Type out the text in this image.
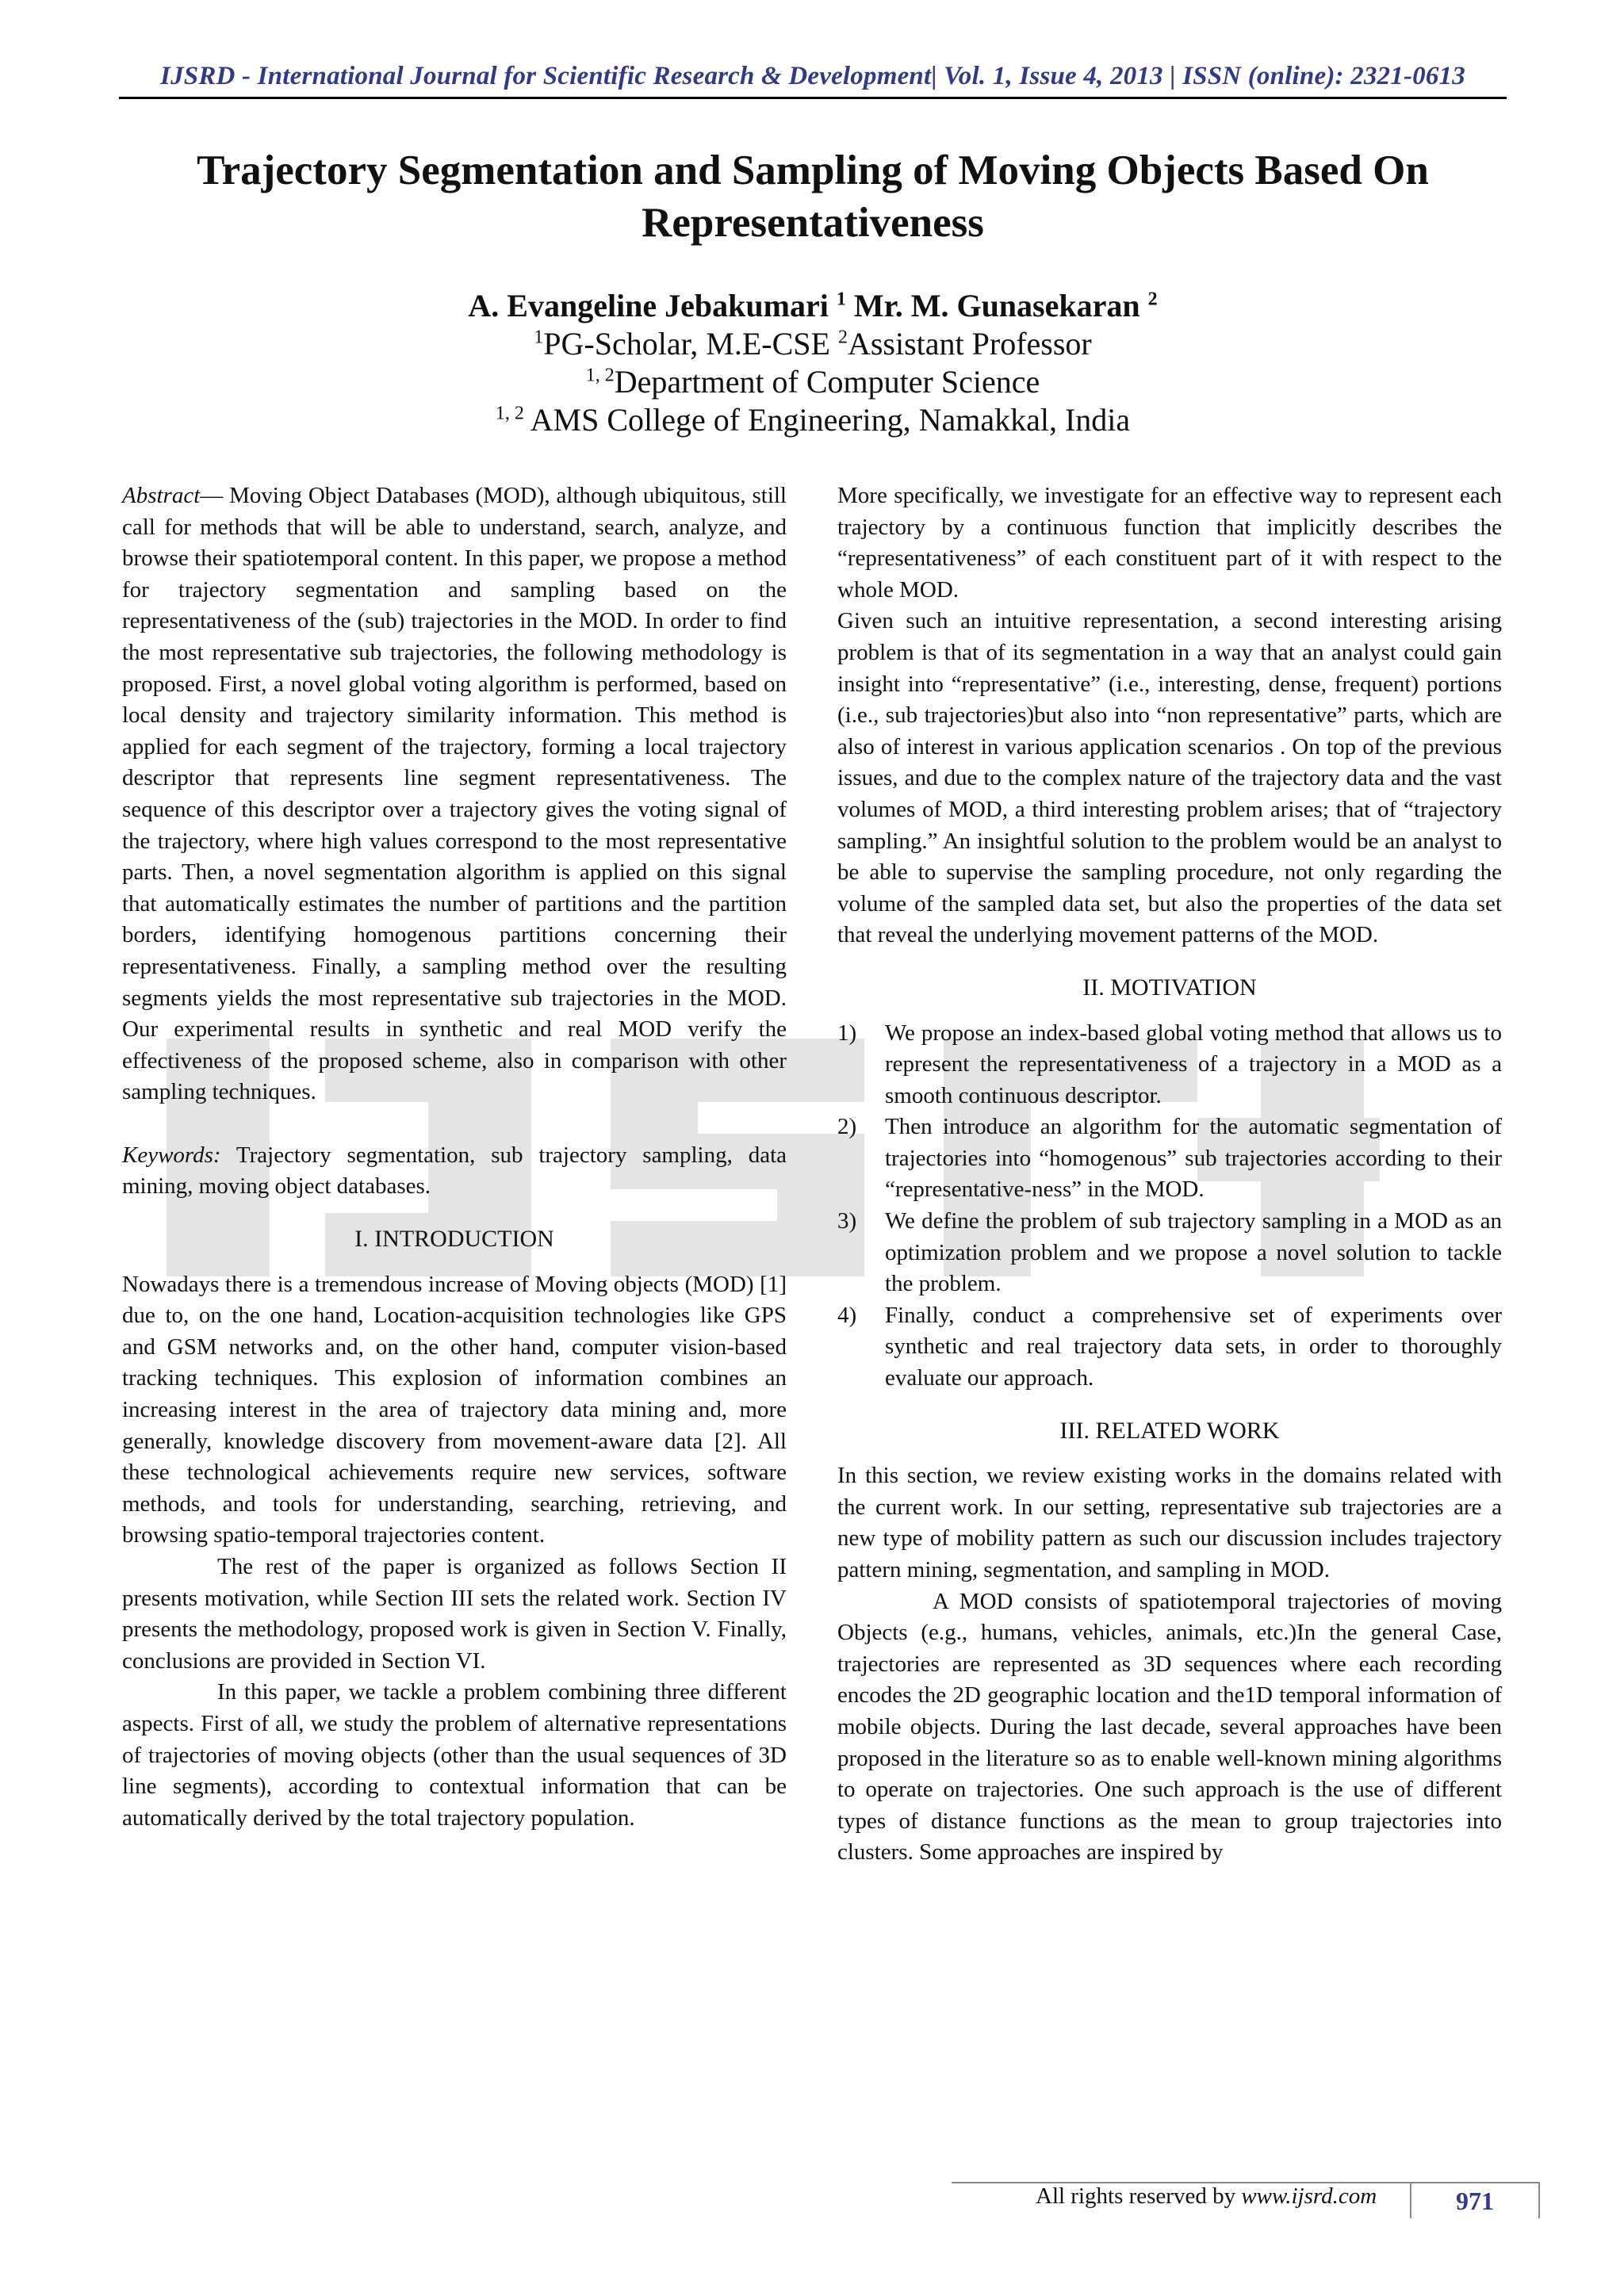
IJSRD - International Journal for Scientific Research & Development| Vol. 1, Issue 4, 2013 | ISSN (online): 2321-0613
Trajectory Segmentation and Sampling of Moving Objects Based On
Representativeness
A. Evangeline Jebakumari $^1$ Mr. M. Gunasekaran $^2$
$^1$PG-Scholar, M.E-CSE $^2$Assistant Professor
$^{1, 2}$Department of Computer Science
$^{1, 2}$ AMS College of Engineering, Namakkal, India

Abstract— Moving Object Databases (MOD), although ubiquitous, still call for methods that will be able to understand, search, analyze, and browse their spatiotemporal content. In this paper, we propose a method for trajectory segmentation and sampling based on the representativeness of the (sub) trajectories in the MOD. In order to find the most representative sub trajectories, the following methodology is proposed. First, a novel global voting algorithm is performed, based on local density and trajectory similarity information. This method is applied for each segment of the trajectory, forming a local trajectory descriptor that represents line segment representativeness. The sequence of this descriptor over a trajectory gives the voting signal of the trajectory, where high values correspond to the most representative parts. Then, a novel segmentation algorithm is applied on this signal that automatically estimates the number of partitions and the partition borders, identifying homogenous partitions concerning their representativeness. Finally, a sampling method over the resulting segments yields the most representative sub trajectories in the MOD. Our experimental results in synthetic and real MOD verify the effectiveness of the proposed scheme, also in comparison with other sampling techniques.

Keywords: Trajectory segmentation, sub trajectory sampling, data mining, moving object databases.

I. INTRODUCTION

Nowadays there is a tremendous increase of Moving objects (MOD) [1] due to, on the one hand, Location-acquisition technologies like GPS and GSM networks and, on the other hand, computer vision-based tracking techniques. This explosion of information combines an increasing interest in the area of trajectory data mining and, more generally, knowledge discovery from movement-aware data [2]. All these technological achievements require new services, software methods, and tools for understanding, searching, retrieving, and browsing spatio-temporal trajectories content.

The rest of the paper is organized as follows Section II presents motivation, while Section III sets the related work. Section IV presents the methodology, proposed work is given in Section V. Finally, conclusions are provided in Section VI.

In this paper, we tackle a problem combining three different aspects. First of all, we study the problem of alternative representations of trajectories of moving objects (other than the usual sequences of 3D line segments), according to contextual information that can be automatically derived by the total trajectory population.

More specifically, we investigate for an effective way to represent each trajectory by a continuous function that implicitly describes the “representativeness” of each constituent part of it with respect to the whole MOD.

Given such an intuitive representation, a second interesting arising problem is that of its segmentation in a way that an analyst could gain insight into “representative” (i.e., interesting, dense, frequent) portions (i.e., sub trajectories)but also into “non representative” parts, which are also of interest in various application scenarios . On top of the previous issues, and due to the complex nature of the trajectory data and the vast volumes of MOD, a third interesting problem arises; that of “trajectory sampling.” An insightful solution to the problem would be an analyst to be able to supervise the sampling procedure, not only regarding the volume of the sampled data set, but also the properties of the data set that reveal the underlying movement patterns of the MOD.

II. MOTIVATION

1)	We propose an index-based global voting method that allows us to represent the representativeness of a trajectory in a MOD as a smooth continuous descriptor.
2)	Then introduce an algorithm for the automatic segmentation of trajectories into “homogenous” sub trajectories according to their “representative-ness” in the MOD.
3)	We define the problem of sub trajectory sampling in a MOD as an optimization problem and we propose a novel solution to tackle the problem.
4)	Finally, conduct a comprehensive set of experiments over synthetic and real trajectory data sets, in order to thoroughly evaluate our approach.

III. RELATED WORK

In this section, we review existing works in the domains related with the current work. In our setting, representative sub trajectories are a new type of mobility pattern as such our discussion includes trajectory pattern mining, segmentation, and sampling in MOD.

A MOD consists of spatiotemporal trajectories of moving Objects (e.g., humans, vehicles, animals, etc.)In the general Case, trajectories are represented as 3D sequences where each recording encodes the 2D geographic location and the1D temporal information of mobile objects. During the last decade, several approaches have been proposed in the literature so as to enable well-known mining algorithms to operate on trajectories. One such approach is the use of different types of distance functions as the mean to group trajectories into clusters. Some approaches are inspired by

All rights reserved by www.ijsrd.com	971
